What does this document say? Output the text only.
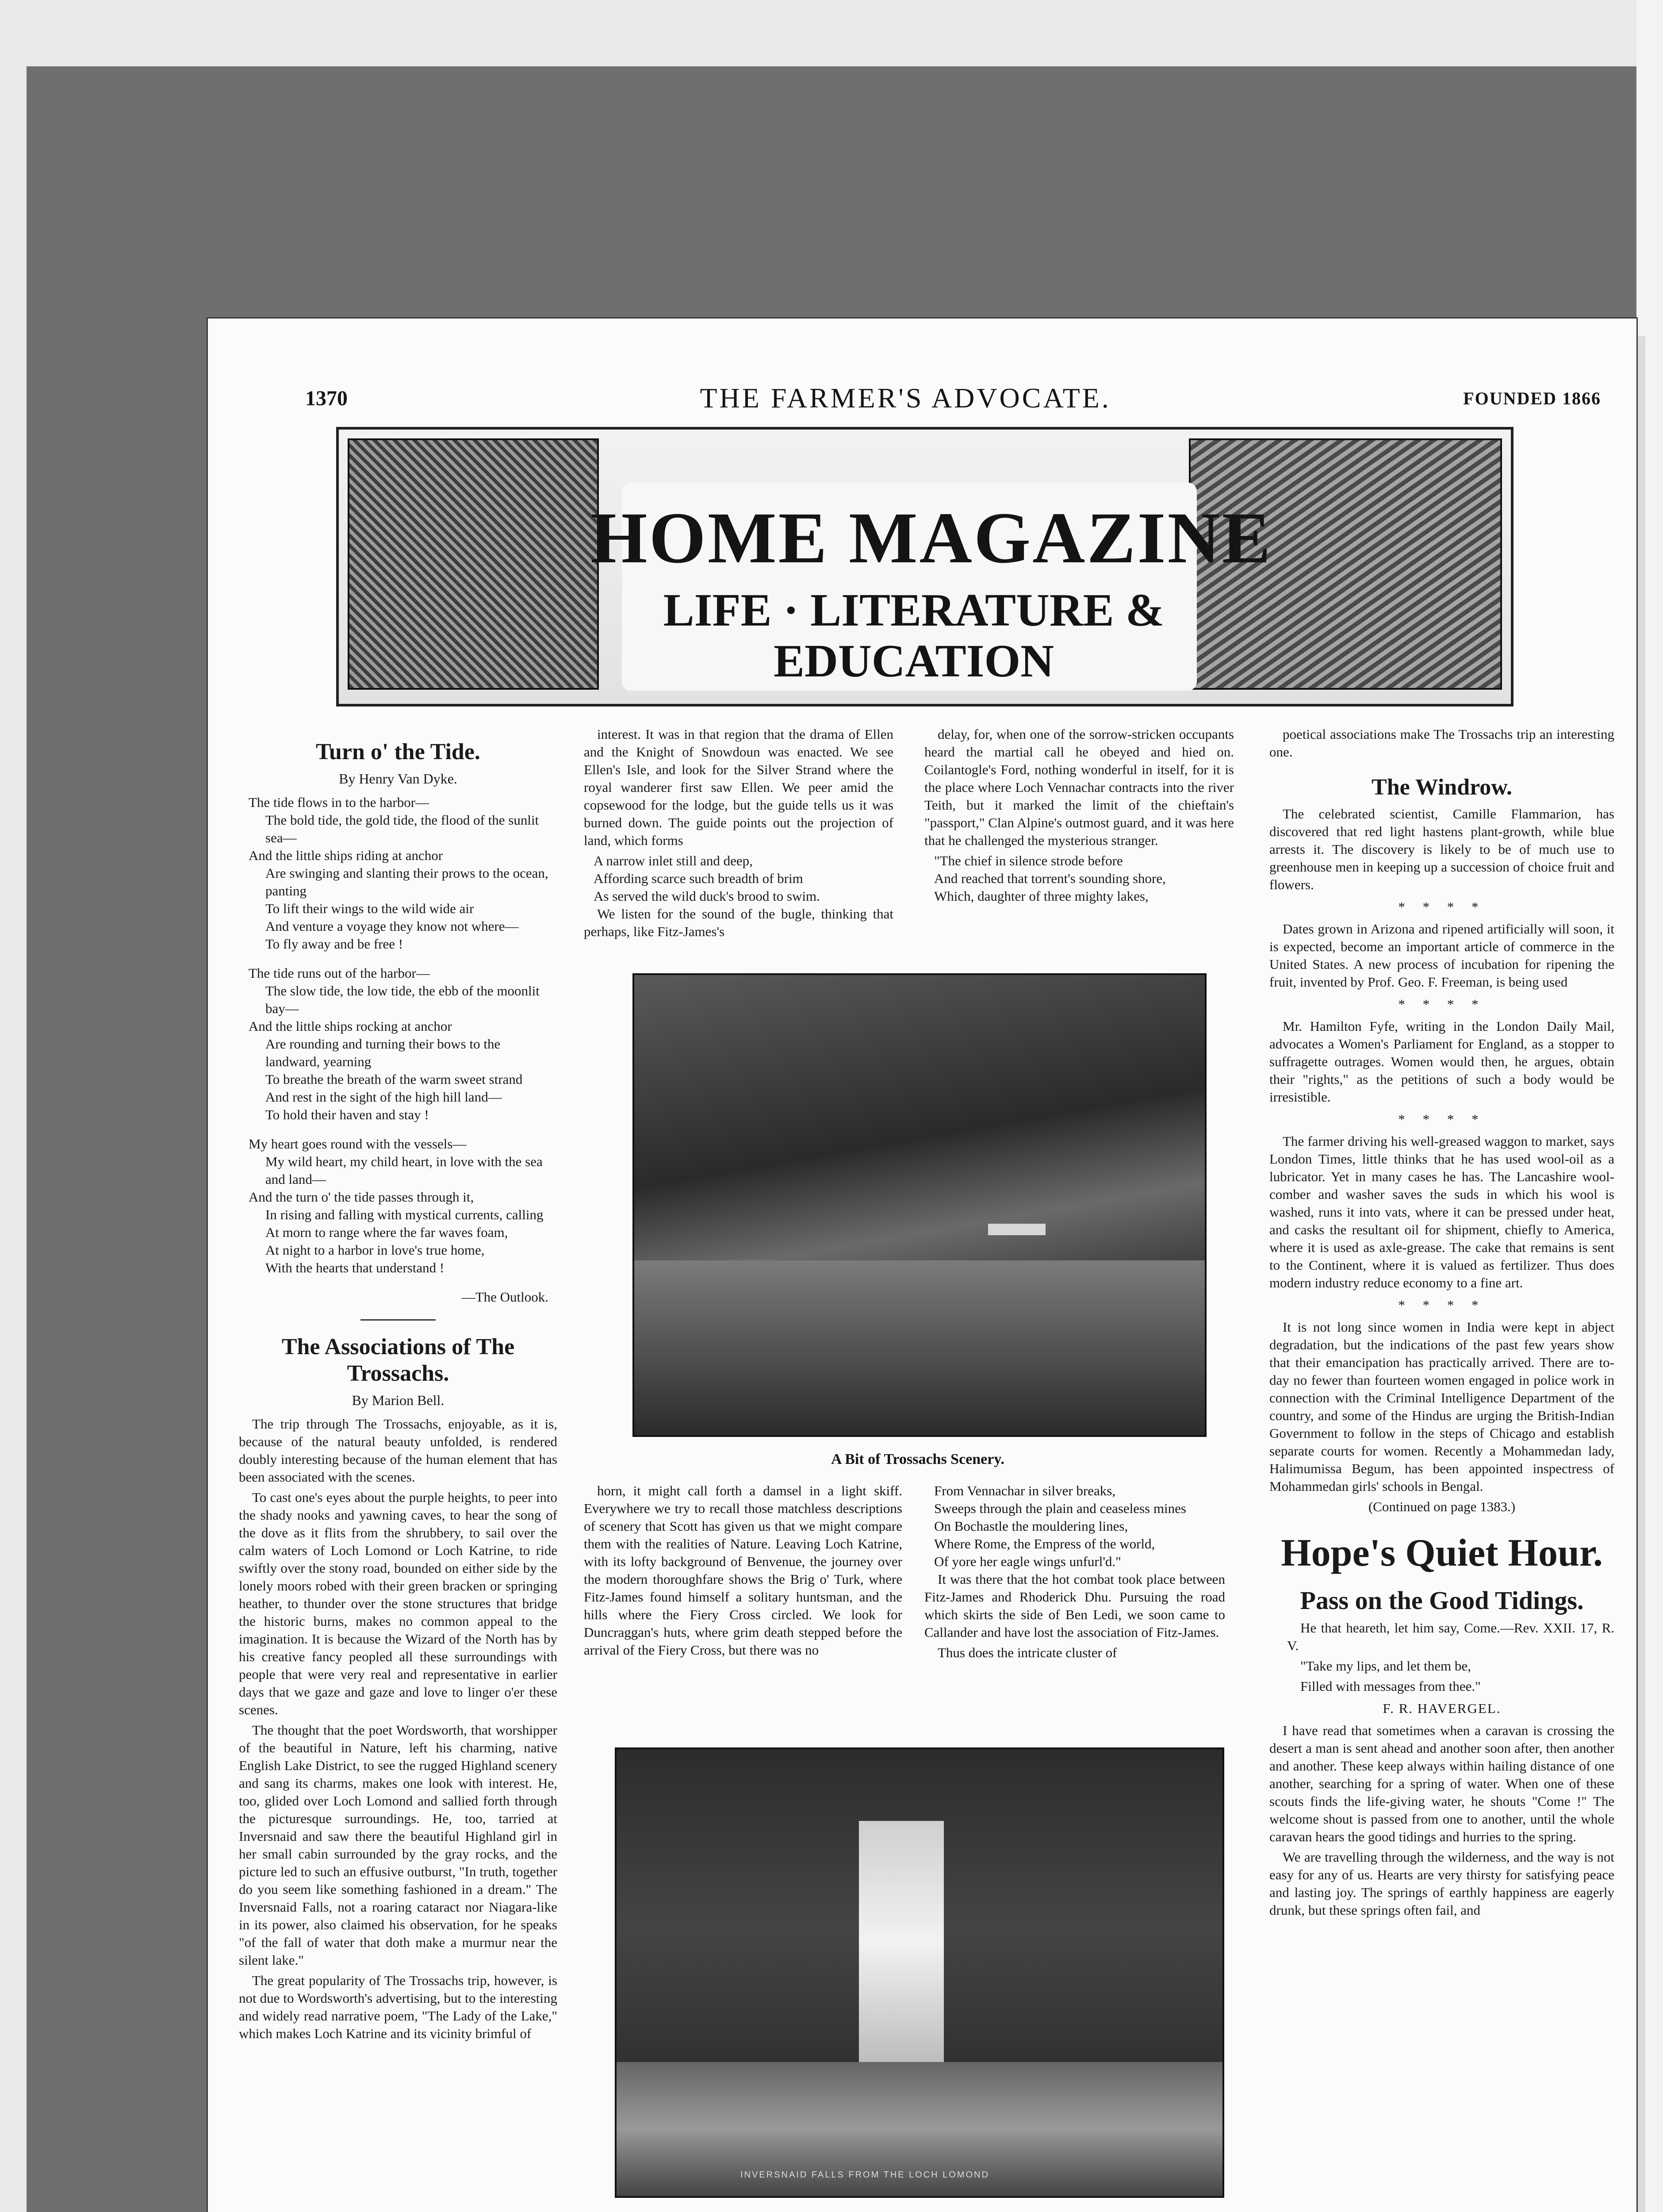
1370	THE FARMER'S ADVOCATE.	FOUNDED 1866
HOME MAGAZINE
LIFE · LITERATURE &
EDUCATION
Turn o' the Tide.
By Henry Van Dyke.

The tide flows in to the harbor—

The bold tide, the gold tide, the flood of the sunlit sea—

And the little ships riding at anchor

Are swinging and slanting their prows to the ocean, panting

To lift their wings to the wild wide air

And venture a voyage they know not where—

To fly away and be free !

The tide runs out of the harbor—

The slow tide, the low tide, the ebb of the moonlit bay—

And the little ships rocking at anchor

Are rounding and turning their bows to the landward, yearning

To breathe the breath of the warm sweet strand

And rest in the sight of the high hill land—

To hold their haven and stay !

My heart goes round with the vessels—

My wild heart, my child heart, in love with the sea and land—

And the turn o' the tide passes through it,

In rising and falling with mystical currents, calling

At morn to range where the far waves foam,

At night to a harbor in love's true home,

With the hearts that understand !

—The Outlook.
The Associations of The Trossachs.
By Marion Bell.

The trip through The Trossachs, enjoyable, as it is, because of the natural beauty unfolded, is rendered doubly interesting because of the human element that has been associated with the scenes.

To cast one's eyes about the purple heights, to peer into the shady nooks and yawning caves, to hear the song of the dove as it flits from the shrubbery, to sail over the calm waters of Loch Lomond or Loch Katrine, to ride swiftly over the stony road, bounded on either side by the lonely moors robed with their green bracken or springing heather, to thunder over the stone structures that bridge the historic burns, makes no common appeal to the imagination. It is because the Wizard of the North has by his creative fancy peopled all these surroundings with people that were very real and representative in earlier days that we gaze and gaze and love to linger o'er these scenes.

The thought that the poet Wordsworth, that worshipper of the beautiful in Nature, left his charming, native English Lake District, to see the rugged Highland scenery and sang its charms, makes one look with interest. He, too, glided over Loch Lomond and sallied forth through the picturesque surroundings. He, too, tarried at Inversnaid and saw there the beautiful Highland girl in her small cabin surrounded by the gray rocks, and the picture led to such an effusive outburst, "In truth, together do you seem like something fashioned in a dream." The Inversnaid Falls, not a roaring cataract nor Niagara-like in its power, also claimed his observation, for he speaks "of the fall of water that doth make a murmur near the silent lake."

The great popularity of The Trossachs trip, however, is not due to Wordsworth's advertising, but to the interesting and widely read narrative poem, "The Lady of the Lake," which makes Loch Katrine and its vicinity brimful of

interest. It was in that region that the drama of Ellen and the Knight of Snowdoun was enacted. We see Ellen's Isle, and look for the Silver Strand where the royal wanderer first saw Ellen. We peer amid the copsewood for the lodge, but the guide tells us it was burned down. The guide points out the projection of land, which forms

A narrow inlet still and deep,

Affording scarce such breadth of brim

As served the wild duck's brood to swim.

We listen for the sound of the bugle, thinking that perhaps, like Fitz-James's

delay, for, when one of the sorrow-stricken occupants heard the martial call he obeyed and hied on. Coilantogle's Ford, nothing wonderful in itself, for it is the place where Loch Vennachar contracts into the river Teith, but it marked the limit of the chieftain's "passport," Clan Alpine's outmost guard, and it was here that he challenged the mysterious stranger.

"The chief in silence strode before

And reached that torrent's sounding shore,

Which, daughter of three mighty lakes,

A Bit of Trossachs Scenery.

horn, it might call forth a damsel in a light skiff. Everywhere we try to recall those matchless descriptions of scenery that Scott has given us that we might compare them with the realities of Nature. Leaving Loch Katrine, with its lofty background of Benvenue, the journey over the modern thoroughfare shows the Brig o' Turk, where Fitz-James found himself a solitary huntsman, and the hills where the Fiery Cross circled. We look for Duncraggan's huts, where grim death stepped before the arrival of the Fiery Cross, but there was no

From Vennachar in silver breaks,

Sweeps through the plain and ceaseless mines

On Bochastle the mouldering lines,

Where Rome, the Empress of the world,

Of yore her eagle wings unfurl'd."

It was there that the hot combat took place between Fitz-James and Rhoderick Dhu. Pursuing the road which skirts the side of Ben Ledi, we soon came to Callander and have lost the association of Fitz-James.

Thus does the intricate cluster of

INVERSNAID FALLS FROM THE LOCH LOMOND

poetical associations make The Trossachs trip an interesting one.

The Windrow.

The celebrated scientist, Camille Flammarion, has discovered that red light hastens plant-growth, while blue arrests it. The discovery is likely to be of much use to greenhouse men in keeping up a succession of choice fruit and flowers.

* * * *

Dates grown in Arizona and ripened artificially will soon, it is expected, become an important article of commerce in the United States. A new process of incubation for ripening the fruit, invented by Prof. Geo. F. Freeman, is being used

* * * *

Mr. Hamilton Fyfe, writing in the London Daily Mail, advocates a Women's Parliament for England, as a stopper to suffragette outrages. Women would then, he argues, obtain their "rights," as the petitions of such a body would be irresistible.

* * * *

The farmer driving his well-greased waggon to market, says London Times, little thinks that he has used wool-oil as a lubricator. Yet in many cases he has. The Lancashire wool-comber and washer saves the suds in which his wool is washed, runs it into vats, where it can be pressed under heat, and casks the resultant oil for shipment, chiefly to America, where it is used as axle-grease. The cake that remains is sent to the Continent, where it is valued as fertilizer. Thus does modern industry reduce economy to a fine art.

* * * *

It is not long since women in India were kept in abject degradation, but the indications of the past few years show that their emancipation has practically arrived. There are to-day no fewer than fourteen women engaged in police work in connection with the Criminal Intelligence Department of the country, and some of the Hindus are urging the British-Indian Government to follow in the steps of Chicago and establish separate courts for women. Recently a Mohammedan lady, Halimumissa Begum, has been appointed inspectress of Mohammedan girls' schools in Bengal.

(Continued on page 1383.)
Hope's Quiet Hour.
Pass on the Good Tidings.

He that heareth, let him say, Come.—Rev. XXII. 17, R. V.

"Take my lips, and let them be,

Filled with messages from thee."

F. R. HAVERGEL.

I have read that sometimes when a caravan is crossing the desert a man is sent ahead and another soon after, then another and another. These keep always within hailing distance of one another, searching for a spring of water. When one of these scouts finds the life-giving water, he shouts "Come !" The welcome shout is passed from one to another, until the whole caravan hears the good tidings and hurries to the spring.

We are travelling through the wilderness, and the way is not easy for any of us. Hearts are very thirsty for satisfying peace and lasting joy. The springs of earthly happiness are eagerly drunk, but these springs often fail, and
